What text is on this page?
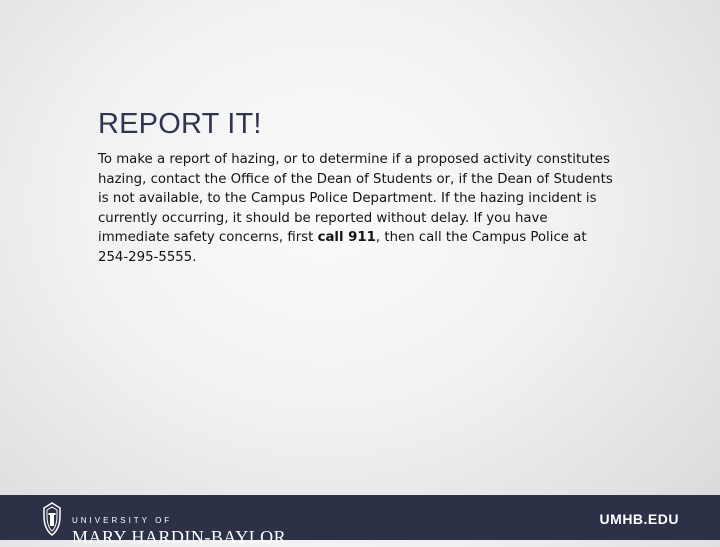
REPORT IT!

To make a report of hazing, or to determine if a proposed activity constitutes hazing, contact the Office of the Dean of Students or, if the Dean of Students is not available, to the Campus Police Department. If the hazing incident is currently occurring, it should be reported without delay. If you have immediate safety concerns, first call 911, then call the Campus Police at 254-295-5555.

UNIVERSITY OF
MARY HARDIN-BAYLOR
UMHB.EDU
